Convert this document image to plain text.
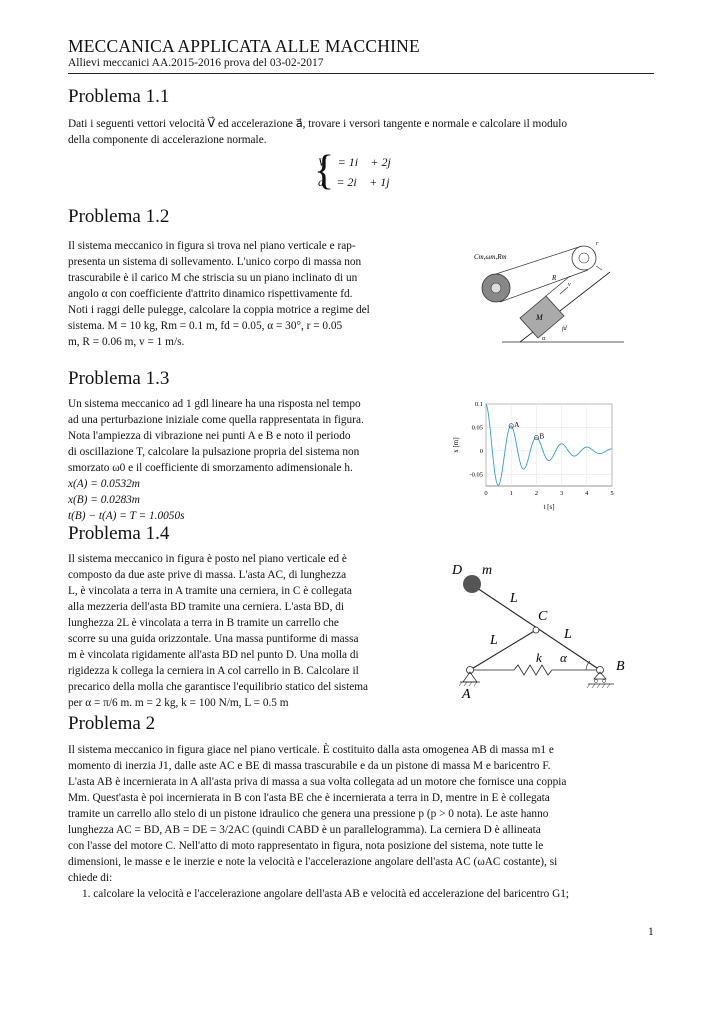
MECCANICA APPLICATA ALLE MACCHINE
Allievi meccanici AA.2015-2016 prova del 03-02-2017
Problema 1.1
Dati i seguenti vettori velocità V⃗ ed accelerazione a⃗, trovare i versori tangente e normale e calcolare il modulo
della componente di accelerazione normale.
{
V⃗ = 1i⃗ + 2j⃗
a⃗ = 2i⃗ + 1j⃗
Problema 1.2
Il sistema meccanico in figura si trova nel piano verticale e rap-
presenta un sistema di sollevamento. L'unico corpo di massa non
trascurabile è il carico M che striscia su un piano inclinato di un
angolo α con coefficiente d'attrito dinamico rispettivamente fd.
Noti i raggi delle pulegge, calcolare la coppia motrice a regime del
sistema. M = 10 kg, Rm = 0.1 m, fd = 0.05, α = 30°, r = 0.05
m, R = 0.06 m, v = 1 m/s.
Cm,ωm,Rm
r
R
v
M
fd
α
Problema 1.3
Un sistema meccanico ad 1 gdl lineare ha una risposta nel tempo
ad una perturbazione iniziale come quella rappresentata in figura.
Nota l'ampiezza di vibrazione nei punti A e B e noto il periodo
di oscillazione T, calcolare la pulsazione propria del sistema non
smorzato ω0 e il coefficiente di smorzamento adimensionale h.
x(A) = 0.0532m
x(B) = 0.0283m
t(B) − t(A) = T = 1.0050s
-0.05
0
0.05
0.1
0	1	2	3	4	5
A
B
t [s]
x [m]
Problema 1.4
Il sistema meccanico in figura è posto nel piano verticale ed è
composto da due aste prive di massa. L'asta AC, di lunghezza
L, è vincolata a terra in A tramite una cerniera, in C è collegata
alla mezzeria dell'asta BD tramite una cerniera. L'asta BD, di
lunghezza 2L è vincolata a terra in B tramite un carrello che
scorre su una guida orizzontale. Una massa puntiforme di massa
m è vincolata rigidamente all'asta BD nel punto D. Una molla di
rigidezza k collega la cerniera in A col carrello in B. Calcolare il
precarico della molla che garantisce l'equilibrio statico del sistema
per α = π/6 m. m = 2 kg, k = 100 N/m, L = 0.5 m
D m
L
C
L
L
k α
A
B
Problema 2
Il sistema meccanico in figura giace nel piano verticale. È costituito dalla asta omogenea AB di massa m1 e
momento di inerzia J1, dalle aste AC e BE di massa trascurabile e da un pistone di massa M e baricentro F.
L'asta AB è incernierata in A all'asta priva di massa a sua volta collegata ad un motore che fornisce una coppia
Mm. Quest'asta è poi incernierata in B con l'asta BE che è incernierata a terra in D, mentre in E è collegata
tramite un carrello allo stelo di un pistone idraulico che genera una pressione p (p > 0 nota). Le aste hanno
lunghezza AC = BD, AB = DE = 3/2AC (quindi CABD è un parallelogramma). La cerniera D è allineata
con l'asse del motore C. Nell'atto di moto rappresentato in figura, nota posizione del sistema, note tutte le
dimensioni, le masse e le inerzie e note la velocità e l'accelerazione angolare dell'asta AC (ωAC costante), si
chiede di:
1. calcolare la velocità e l'accelerazione angolare dell'asta AB e velocità ed accelerazione del baricentro G1;
1
